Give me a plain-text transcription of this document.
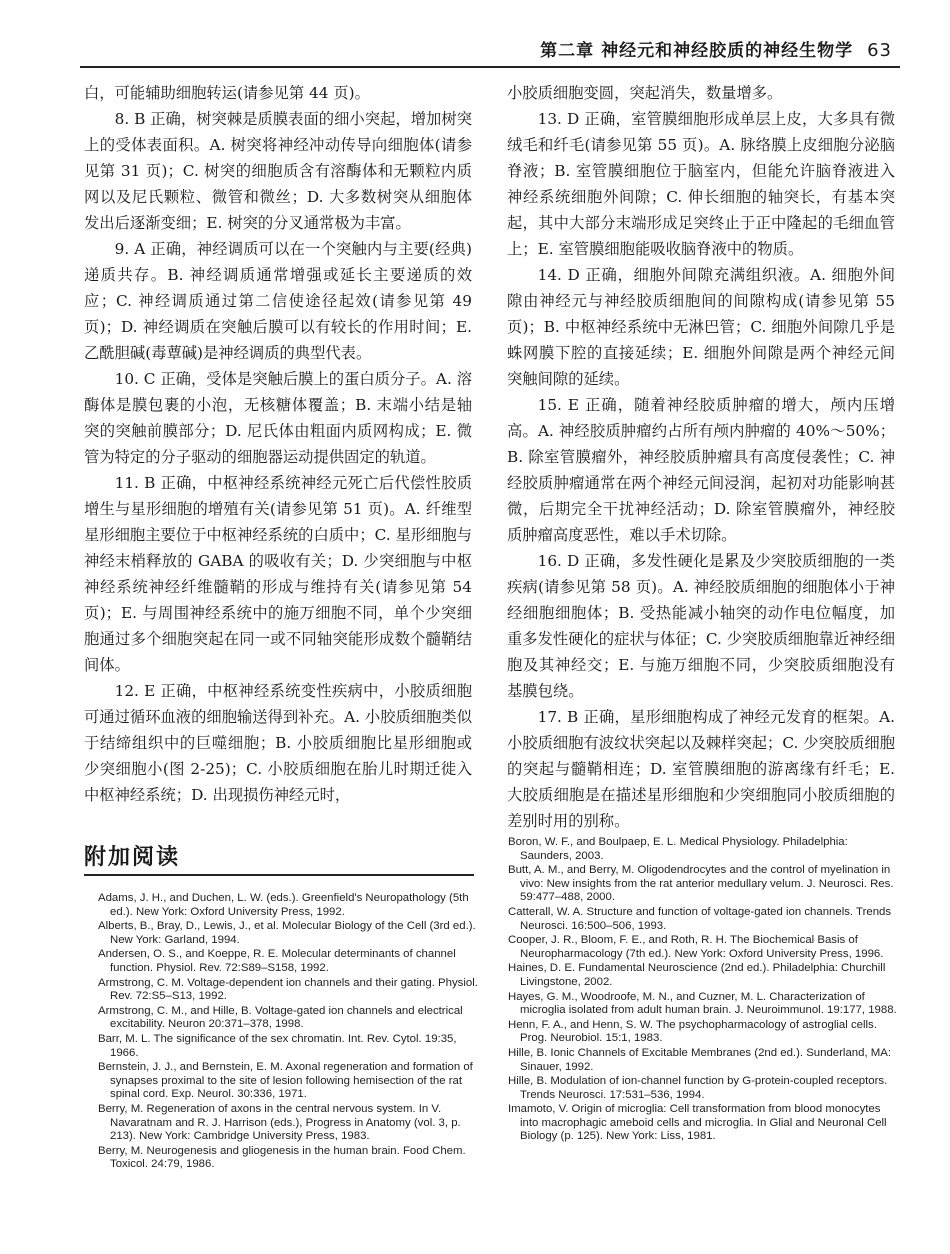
第二章 神经元和神经胶质的神经生物学 63

白，可能辅助细胞转运(请参见第 44 页)。

8. B 正确，树突棘是质膜表面的细小突起，增加树突上的受体表面积。A. 树突将神经冲动传导向细胞体(请参见第 31 页)；C. 树突的细胞质含有溶酶体和无颗粒内质网以及尼氏颗粒、微管和微丝；D. 大多数树突从细胞体发出后逐渐变细；E. 树突的分叉通常极为丰富。

9. A 正确，神经调质可以在一个突触内与主要(经典)递质共存。B. 神经调质通常增强或延长主要递质的效应；C. 神经调质通过第二信使途径起效(请参见第 49 页)；D. 神经调质在突触后膜可以有较长的作用时间；E. 乙酰胆碱(毒蕈碱)是神经调质的典型代表。

10. C 正确，受体是突触后膜上的蛋白质分子。A. 溶酶体是膜包裹的小泡，无核糖体覆盖；B. 末端小结是轴突的突触前膜部分；D. 尼氏体由粗面内质网构成；E. 微管为特定的分子驱动的细胞器运动提供固定的轨道。

11. B 正确，中枢神经系统神经元死亡后代偿性胶质增生与星形细胞的增殖有关(请参见第 51 页)。A. 纤维型星形细胞主要位于中枢神经系统的白质中；C. 星形细胞与神经末梢释放的 GABA 的吸收有关；D. 少突细胞与中枢神经系统神经纤维髓鞘的形成与维持有关(请参见第 54 页)；E. 与周围神经系统中的施万细胞不同，单个少突细胞通过多个细胞突起在同一或不同轴突能形成数个髓鞘结间体。

12. E 正确，中枢神经系统变性疾病中，小胶质细胞可通过循环血液的细胞输送得到补充。A. 小胶质细胞类似于结缔组织中的巨噬细胞；B. 小胶质细胞比星形细胞或少突细胞小(图 2-25)；C. 小胶质细胞在胎儿时期迁徙入中枢神经系统；D. 出现损伤神经元时，

小胶质细胞变圆，突起消失，数量增多。

13. D 正确，室管膜细胞形成单层上皮，大多具有微绒毛和纤毛(请参见第 55 页)。A. 脉络膜上皮细胞分泌脑脊液；B. 室管膜细胞位于脑室内，但能允许脑脊液进入神经系统细胞外间隙；C. 伸长细胞的轴突长，有基本突起，其中大部分末端形成足突终止于正中隆起的毛细血管上；E. 室管膜细胞能吸收脑脊液中的物质。

14. D 正确，细胞外间隙充满组织液。A. 细胞外间隙由神经元与神经胶质细胞间的间隙构成(请参见第 55 页)；B. 中枢神经系统中无淋巴管；C. 细胞外间隙几乎是蛛网膜下腔的直接延续；E. 细胞外间隙是两个神经元间突触间隙的延续。

15. E 正确，随着神经胶质肿瘤的增大，颅内压增高。A. 神经胶质肿瘤约占所有颅内肿瘤的 40%～50%；B. 除室管膜瘤外，神经胶质肿瘤具有高度侵袭性；C. 神经胶质肿瘤通常在两个神经元间浸润，起初对功能影响甚微，后期完全干扰神经活动；D. 除室管膜瘤外，神经胶质肿瘤高度恶性，难以手术切除。

16. D 正确，多发性硬化是累及少突胶质细胞的一类疾病(请参见第 58 页)。A. 神经胶质细胞的细胞体小于神经细胞细胞体；B. 受热能减小轴突的动作电位幅度，加重多发性硬化的症状与体征；C. 少突胶质细胞靠近神经细胞及其神经交；E. 与施万细胞不同，少突胶质细胞没有基膜包绕。

17. B 正确，星形细胞构成了神经元发育的框架。A. 小胶质细胞有波纹状突起以及棘样突起；C. 少突胶质细胞的突起与髓鞘相连；D. 室管膜细胞的游离缘有纤毛；E. 大胶质细胞是在描述星形细胞和少突细胞同小胶质细胞的差别时用的别称。

附加阅读
Adams, J. H., and Duchen, L. W. (eds.). Greenfield's Neuropathology (5th ed.). New York: Oxford University Press, 1992.
Alberts, B., Bray, D., Lewis, J., et al. Molecular Biology of the Cell (3rd ed.). New York: Garland, 1994.
Andersen, O. S., and Koeppe, R. E. Molecular determinants of channel function. Physiol. Rev. 72:S89–S158, 1992.
Armstrong, C. M. Voltage-dependent ion channels and their gating. Physiol. Rev. 72:S5–S13, 1992.
Armstrong, C. M., and Hille, B. Voltage-gated ion channels and electrical excitability. Neuron 20:371–378, 1998.
Barr, M. L. The significance of the sex chromatin. Int. Rev. Cytol. 19:35, 1966.
Bernstein, J. J., and Bernstein, E. M. Axonal regeneration and formation of synapses proximal to the site of lesion following hemisection of the rat spinal cord. Exp. Neurol. 30:336, 1971.
Berry, M. Regeneration of axons in the central nervous system. In V. Navaratnam and R. J. Harrison (eds.), Progress in Anatomy (vol. 3, p. 213). New York: Cambridge University Press, 1983.
Berry, M. Neurogenesis and gliogenesis in the human brain. Food Chem. Toxicol. 24:79, 1986.
Boron, W. F., and Boulpaep, E. L. Medical Physiology. Philadelphia: Saunders, 2003.
Butt, A. M., and Berry, M. Oligodendrocytes and the control of myelination in vivo: New insights from the rat anterior medullary velum. J. Neurosci. Res. 59:477–488, 2000.
Catterall, W. A. Structure and function of voltage-gated ion channels. Trends Neurosci. 16:500–506, 1993.
Cooper, J. R., Bloom, F. E., and Roth, R. H. The Biochemical Basis of Neuropharmacology (7th ed.). New York: Oxford University Press, 1996.
Haines, D. E. Fundamental Neuroscience (2nd ed.). Philadelphia: Churchill Livingstone, 2002.
Hayes, G. M., Woodroofe, M. N., and Cuzner, M. L. Characterization of microglia isolated from adult human brain. J. Neuroimmunol. 19:177, 1988.
Henn, F. A., and Henn, S. W. The psychopharmacology of astroglial cells. Prog. Neurobiol. 15:1, 1983.
Hille, B. Ionic Channels of Excitable Membranes (2nd ed.). Sunderland, MA: Sinauer, 1992.
Hille, B. Modulation of ion-channel function by G-protein-coupled receptors. Trends Neurosci. 17:531–536, 1994.
Imamoto, V. Origin of microglia: Cell transformation from blood monocytes into macrophagic ameboid cells and microglia. In Glial and Neuronal Cell Biology (p. 125). New York: Liss, 1981.
